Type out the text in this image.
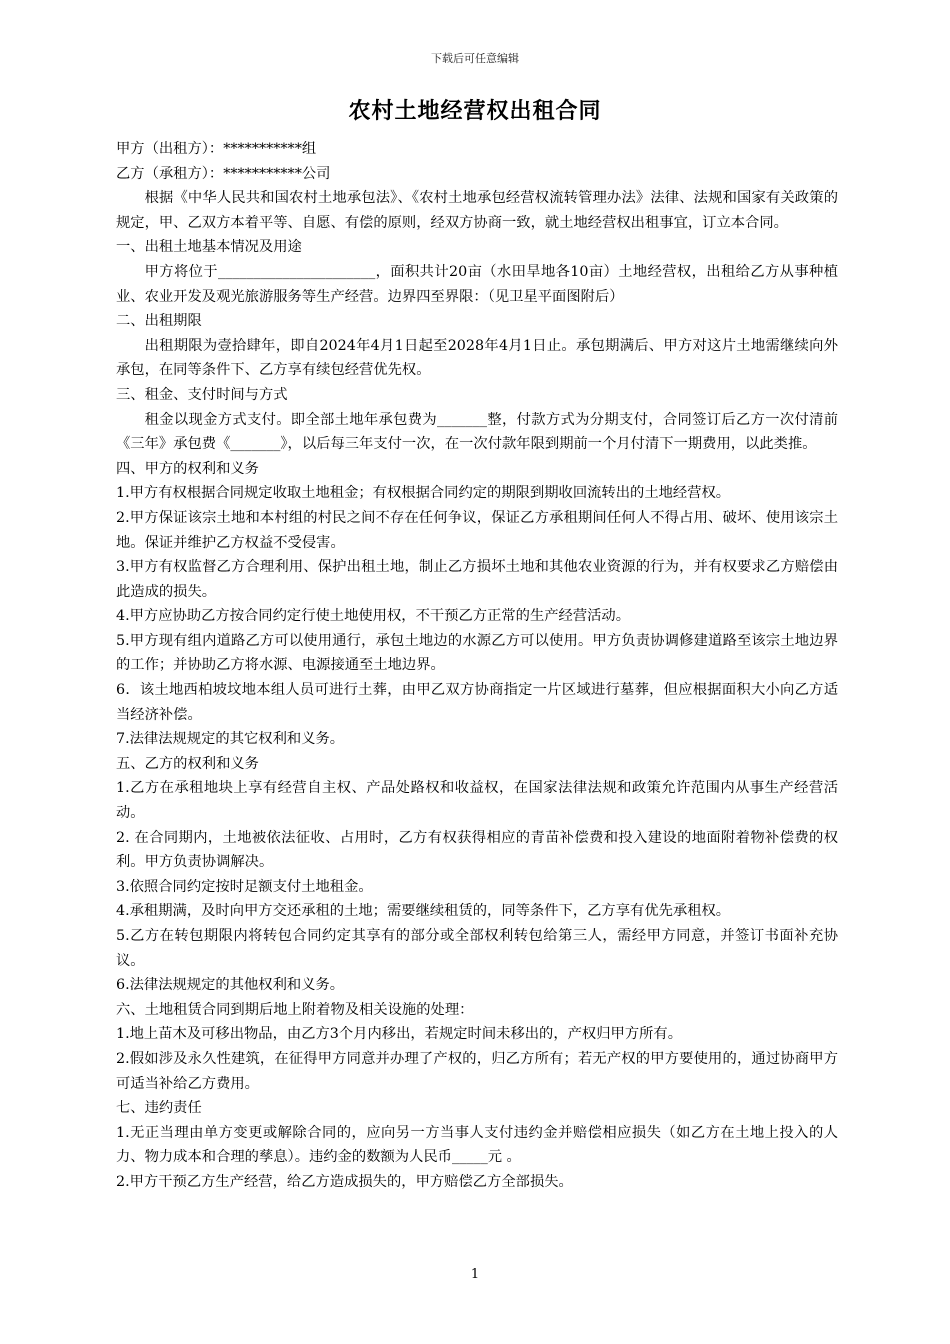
下载后可任意编辑
农村土地经营权出租合同

甲方（出租方）：***********组

乙方（承租方）：***********公司

根据《中华人民共和国农村土地承包法》、《农村土地承包经营权流转管理办法》法律、法规和国家有关政策的规定，甲、乙双方本着平等、自愿、有偿的原则，经双方协商一致，就土地经营权出租事宜，订立本合同。

一、出租土地基本情况及用途

甲方将位于______________________，面积共计20亩（水田旱地各10亩）土地经营权，出租给乙方从事种植业、农业开发及观光旅游服务等生产经营。边界四至界限：（见卫星平面图附后）

二、出租期限

出租期限为壹拾肆年，即自2024年4月1日起至2028年4月1日止。承包期满后、甲方对这片土地需继续向外承包，在同等条件下、乙方享有续包经营优先权。

三、租金、支付时间与方式

租金以现金方式支付。即全部土地年承包费为_______整，付款方式为分期支付，合同签订后乙方一次付清前《三年》承包费《_______》，以后每三年支付一次，在一次付款年限到期前一个月付清下一期费用，以此类推。

四、甲方的权利和义务

1.甲方有权根据合同规定收取土地租金；有权根据合同约定的期限到期收回流转出的土地经营权。

2.甲方保证该宗土地和本村组的村民之间不存在任何争议，保证乙方承租期间任何人不得占用、破坏、使用该宗土地。保证并维护乙方权益不受侵害。

3.甲方有权监督乙方合理利用、保护出租土地，制止乙方损坏土地和其他农业资源的行为，并有权要求乙方赔偿由此造成的损失。

4.甲方应协助乙方按合同约定行使土地使用权，不干预乙方正常的生产经营活动。

5.甲方现有组内道路乙方可以使用通行，承包土地边的水源乙方可以使用。甲方负责协调修建道路至该宗土地边界的工作；并协助乙方将水源、电源接通至土地边界。

6．该土地西柏坡坟地本组人员可进行土葬，由甲乙双方协商指定一片区域进行墓葬，但应根据面积大小向乙方适当经济补偿。

7.法律法规规定的其它权利和义务。

五、乙方的权利和义务

1.乙方在承租地块上享有经营自主权、产品处路权和收益权，在国家法律法规和政策允许范围内从事生产经营活动。

2. 在合同期内，土地被依法征收、占用时，乙方有权获得相应的青苗补偿费和投入建设的地面附着物补偿费的权利。甲方负责协调解决。

3.依照合同约定按时足额支付土地租金。

4.承租期满，及时向甲方交还承租的土地；需要继续租赁的，同等条件下，乙方享有优先承租权。

5.乙方在转包期限内将转包合同约定其享有的部分或全部权利转包给第三人，需经甲方同意，并签订书面补充协议。

6.法律法规规定的其他权利和义务。

六、土地租赁合同到期后地上附着物及相关设施的处理：

1.地上苗木及可移出物品，由乙方3个月内移出，若规定时间未移出的，产权归甲方所有。

2.假如涉及永久性建筑，在征得甲方同意并办理了产权的，归乙方所有；若无产权的甲方要使用的，通过协商甲方可适当补给乙方费用。

七、违约责任

1.无正当理由单方变更或解除合同的，应向另一方当事人支付违约金并赔偿相应损失（如乙方在土地上投入的人力、物力成本和合理的孳息）。违约金的数额为人民币_____元 。

2.甲方干预乙方生产经营，给乙方造成损失的，甲方赔偿乙方全部损失。

1
